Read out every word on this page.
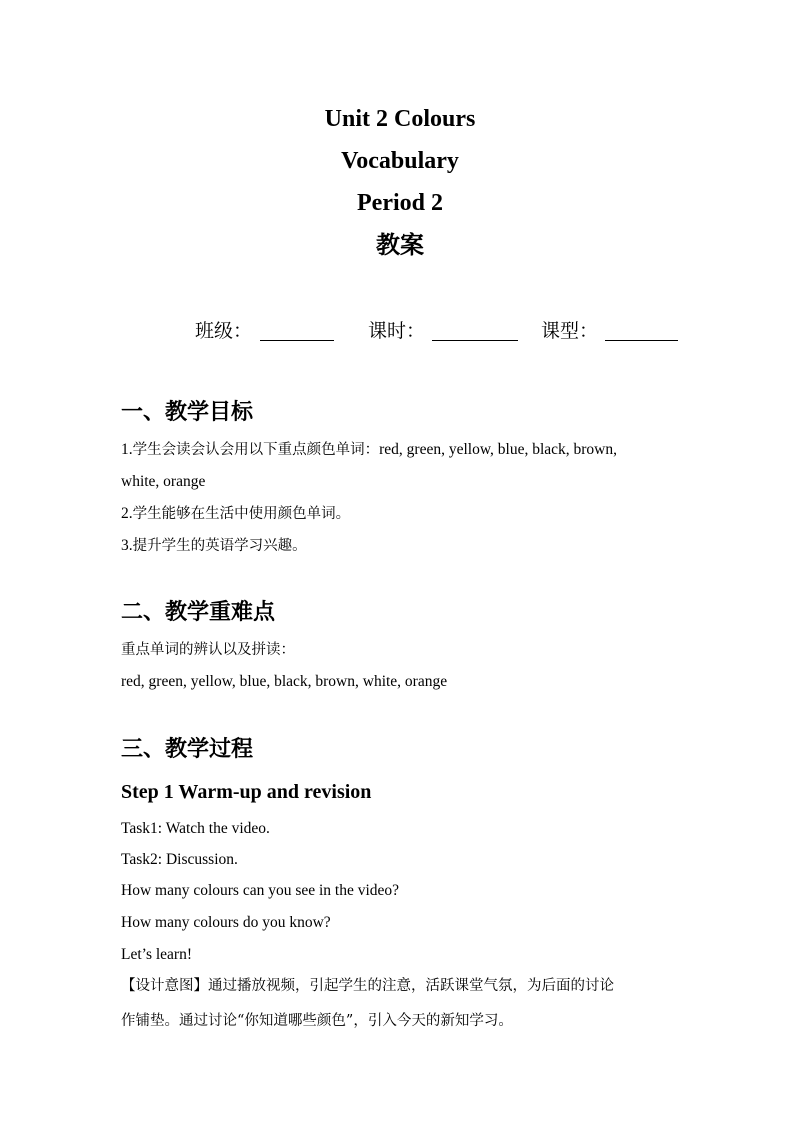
Unit 2 Colours
Vocabulary
Period 2
教案
班级：	课时：	课型：
一、教学目标
1.学生会读会认会用以下重点颜色单词：red, green, yellow, blue, black, brown,
white, orange
2.学生能够在生活中使用颜色单词。
3.提升学生的英语学习兴趣。
二、教学重难点
重点单词的辨认以及拼读：
red, green, yellow, blue, black, brown, white, orange
三、教学过程
Step 1 Warm-up and revision
Task1: Watch the video.
Task2: Discussion.
How many colours can you see in the video?
How many colours do you know?
Let’s learn!
【设计意图】通过播放视频，引起学生的注意，活跃课堂气氛，为后面的讨论
作铺垫。通过讨论“你知道哪些颜色”，引入今天的新知学习。
